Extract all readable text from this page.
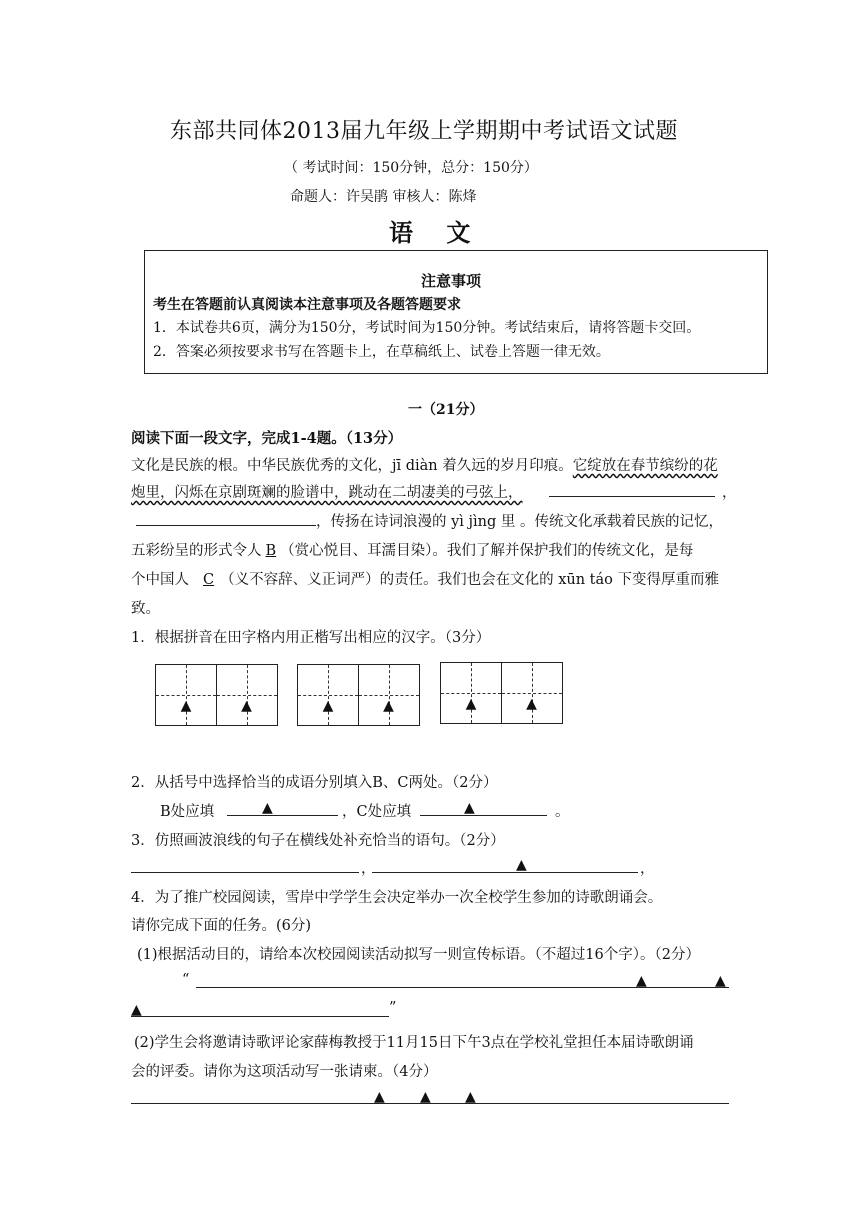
东部共同体2013届九年级上学期期中考试语文试题
（ 考试时间：150分钟，总分：150分）
命题人：许吴鹃 审核人：陈烽
语    文
注意事项
考生在答题前认真阅读本注意事项及各题答题要求
1．本试卷共6页，满分为150分，考试时间为150分钟。考试结束后，请将答题卡交回。
2．答案必须按要求书写在答题卡上，在草稿纸上、试卷上答题一律无效。
一（21分）
阅读下面一段文字，完成1-4题。（13分）
文化是民族的根。中华民族优秀的文化，jī diàn 着久远的岁月印痕。它绽放在春节缤纷的花
炮里，闪烁在京剧斑斓的脸谱中，跳动在二胡凄美的弓弦上，	，
，传扬在诗词浪漫的 yì jìng 里 。传统文化承载着民族的记忆，
五彩纷呈的形式令人 B （赏心悦目、耳濡目染）。我们了解并保护我们的传统文化，是每
个中国人 C （义不容辞、义正词严）的责任。我们也会在文化的 xūn táo 下变得厚重而雅
致。
1．根据拼音在田字格内用正楷写出相应的汉字。（3分）
▲	▲	▲	▲	▲	▲
2．从括号中选择恰当的成语分别填入B、C两处。（2分）
B处应填	▲	，C处应填	▲	。
3．仿照画波浪线的句子在横线处补充恰当的语句。（2分）
，	▲	，
4．为了推广校园阅读，雪岸中学学生会决定举办一次全校学生参加的诗歌朗诵会。
请你完成下面的任务。(6分)
(1)根据活动目的，请给本次校园阅读活动拟写一则宣传标语。（不超过16个字）。（2分）
“	▲	▲
▲	”
(2)学生会将邀请诗歌评论家薛梅教授于11月15日下午3点在学校礼堂担任本届诗歌朗诵
会的评委。请你为这项活动写一张请柬。（4分）
▲	▲ ▲
